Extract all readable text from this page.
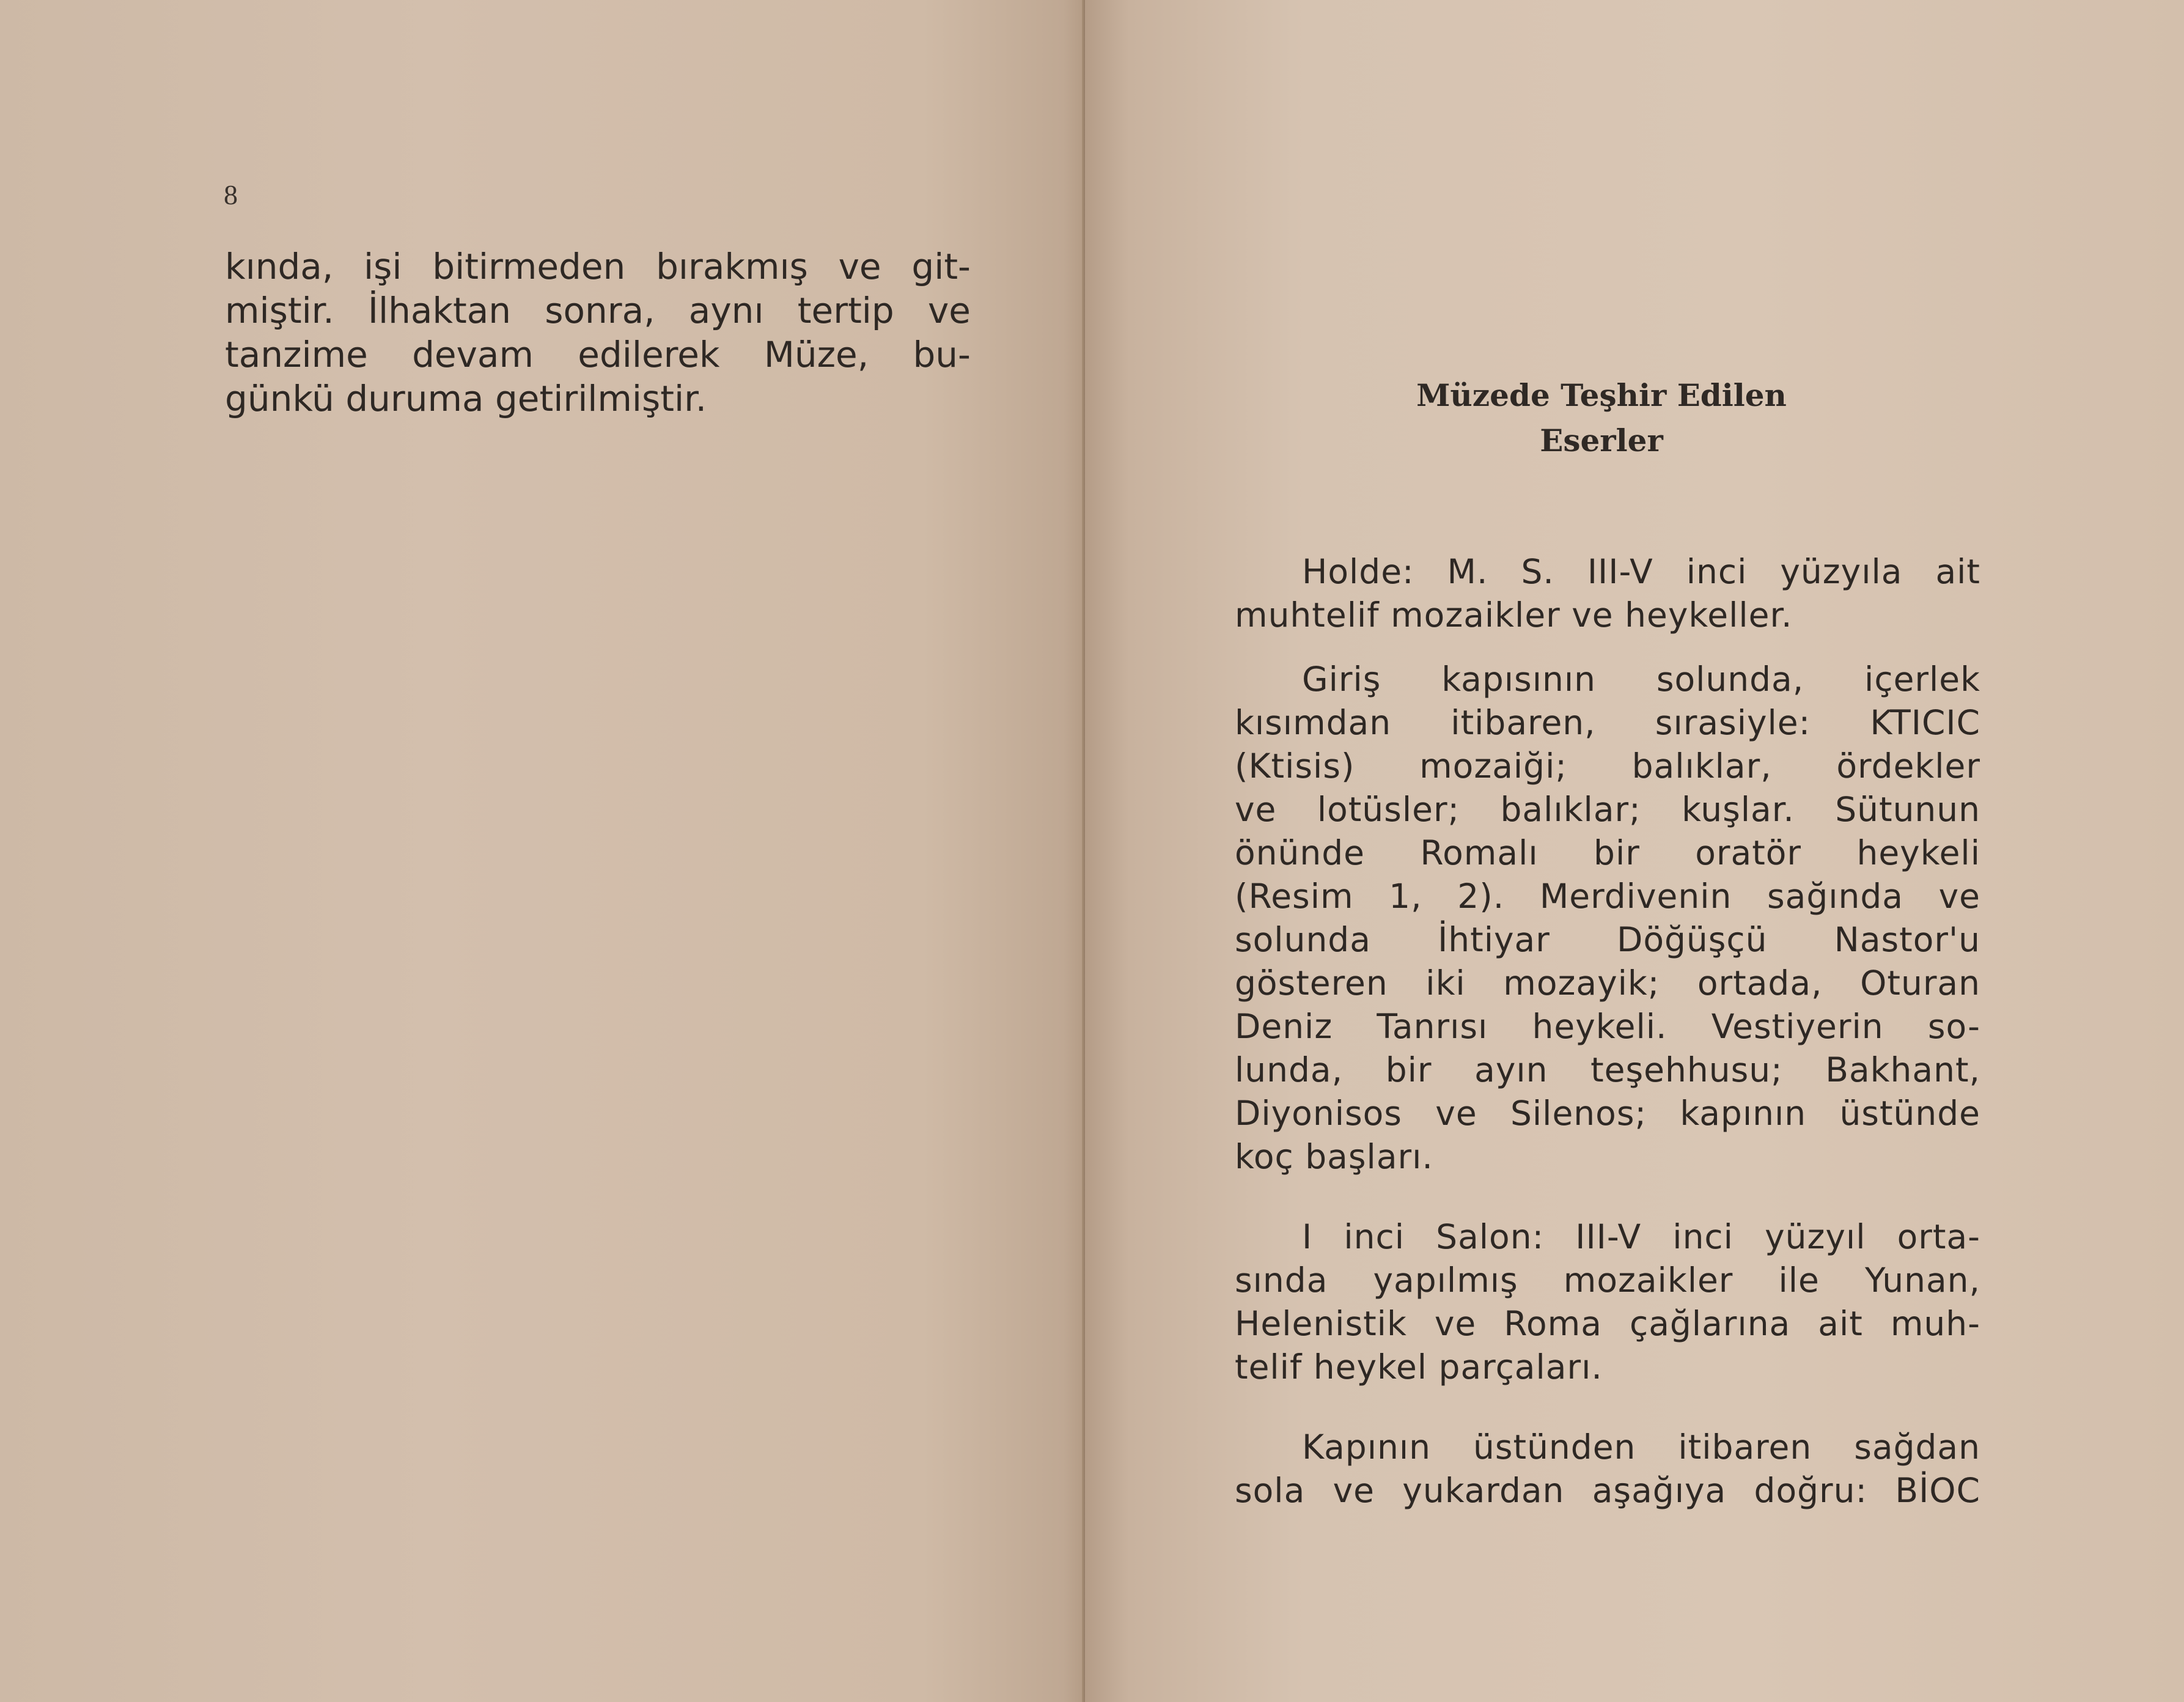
8
kında, işi bitirmeden bırakmış ve git-
miştir. İlhaktan sonra, aynı tertip ve
tanzime devam edilerek Müze, bu-
günkü duruma getirilmiştir.	Müzede Teşhir Edilen
Eserler
Holde: M. S. III-V inci yüzyıla ait
muhtelif mozaikler ve heykeller.
Giriş kapısının solunda, içerlek
kısımdan itibaren, sırasiyle: KTICIC
(Ktisis) mozaiği; balıklar, ördekler
ve lotüsler; balıklar; kuşlar. Sütunun
önünde Romalı bir oratör heykeli
(Resim 1, 2). Merdivenin sağında ve
solunda İhtiyar Döğüşçü Nastor'u
gösteren iki mozayik; ortada, Oturan
Deniz Tanrısı heykeli. Vestiyerin so-
lunda, bir ayın teşehhusu; Bakhant,
Diyonisos ve Silenos; kapının üstünde
koç başları.
I inci Salon: III-V inci yüzyıl orta-
sında yapılmış mozaikler ile Yunan,
Helenistik ve Roma çağlarına ait muh-
telif heykel parçaları.
Kapının üstünden itibaren sağdan
sola ve yukardan aşağıya doğru: BİOC
